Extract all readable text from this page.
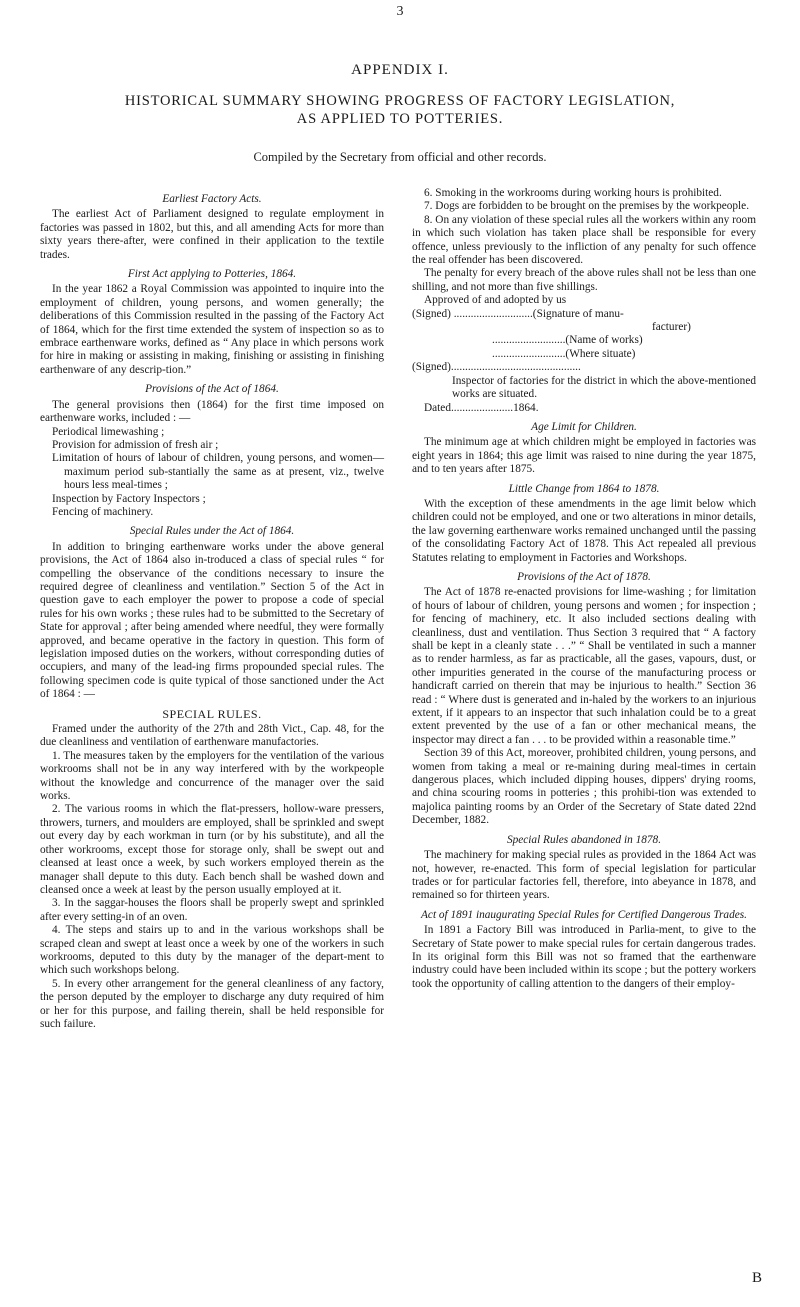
3
APPENDIX I.
HISTORICAL SUMMARY SHOWING PROGRESS OF FACTORY LEGISLATION,
AS APPLIED TO POTTERIES.
Compiled by the Secretary from official and other records.
Earliest Factory Acts.

The earliest Act of Parliament designed to regulate employment in factories was passed in 1802, but this, and all amending Acts for more than sixty years there-after, were confined in their application to the textile trades.

First Act applying to Potteries, 1864.

In the year 1862 a Royal Commission was appointed to inquire into the employment of children, young persons, and women generally; the deliberations of this Commission resulted in the passing of the Factory Act of 1864, which for the first time extended the system of inspection so as to embrace earthenware works, defined as “ Any place in which persons work for hire in making or assisting in making, finishing or assisting in finishing earthenware of any descrip-tion.”

Provisions of the Act of 1864.

The general provisions then (1864) for the first time imposed on earthenware works, included : —

Periodical limewashing ;
Provision for admission of fresh air ;
Limitation of hours of labour of children, young persons, and women—maximum period sub-stantially the same as at present, viz., twelve hours less meal-times ;
Inspection by Factory Inspectors ;
Fencing of machinery.
Special Rules under the Act of 1864.

In addition to bringing earthenware works under the above general provisions, the Act of 1864 also in-troduced a class of special rules “ for compelling the observance of the conditions necessary to insure the required degree of cleanliness and ventilation.” Section 5 of the Act in question gave to each employer the power to propose a code of special rules for his own works ; these rules had to be submitted to the Secretary of State for approval ; after being amended where needful, they were formally approved, and became operative in the factory in question. This form of legislation imposed duties on the workers, without corresponding duties of occupiers, and many of the lead-ing firms propounded special rules. The following specimen code is quite typical of those sanctioned under the Act of 1864 : —

SPECIAL RULES.

Framed under the authority of the 27th and 28th Vict., Cap. 48, for the due cleanliness and ventilation of earthenware manufactories.

1. The measures taken by the employers for the ventilation of the various workrooms shall not be in any way interfered with by the workpeople without the knowledge and concurrence of the manager over the said works.

2. The various rooms in which the flat-pressers, hollow-ware pressers, throwers, turners, and moulders are employed, shall be sprinkled and swept out every day by each workman in turn (or by his substitute), and all the other workrooms, except those for storage only, shall be swept out and cleansed at least once a week, by such workers employed therein as the manager shall depute to this duty. Each bench shall be washed down and cleansed once a week at least by the person usually employed at it.

3. In the saggar-houses the floors shall be properly swept and sprinkled after every setting-in of an oven.

4. The steps and stairs up to and in the various workshops shall be scraped clean and swept at least once a week by one of the workers in such workrooms, deputed to this duty by the manager of the depart-ment to which such workshops belong.

5. In every other arrangement for the general cleanliness of any factory, the person deputed by the employer to discharge any duty required of him or her for this purpose, and failing therein, shall be held responsible for such failure.

6. Smoking in the workrooms during working hours is prohibited.

7. Dogs are forbidden to be brought on the premises by the workpeople.

8. On any violation of these special rules all the workers within any room in which such violation has taken place shall be responsible for every offence, unless previously to the infliction of any penalty for such offence the real offender has been discovered.

The penalty for every breach of the above rules shall not be less than one shilling, and not more than five shillings.

Approved of and adopted by us

(Signed) ............................(Signature of manu-
facturer)
..........................(Name of works)
..........................(Where situate)
(Signed)..............................................
Inspector of factories for the district in which the above-mentioned works are situated.
Dated......................1864.
Age Limit for Children.

The minimum age at which children might be employed in factories was eight years in 1864; this age limit was raised to nine during the year 1875, and to ten years after 1875.

Little Change from 1864 to 1878.

With the exception of these amendments in the age limit below which children could not be employed, and one or two alterations in minor details, the law governing earthenware works remained unchanged until the passing of the consolidating Factory Act of 1878. This Act repealed all previous Statutes relating to employment in Factories and Workshops.

Provisions of the Act of 1878.

The Act of 1878 re-enacted provisions for lime-washing ; for limitation of hours of labour of children, young persons and women ; for inspection ; for fencing of machinery, etc. It also included sections dealing with cleanliness, dust and ventilation. Thus Section 3 required that “ A factory shall be kept in a cleanly state . . .” “ Shall be ventilated in such a manner as to render harmless, as far as practicable, all the gases, vapours, dust, or other impurities generated in the course of the manufacturing process or handicraft carried on therein that may be injurious to health.” Section 36 read : “ Where dust is generated and in-haled by the workers to an injurious extent, if it appears to an inspector that such inhalation could be to a great extent prevented by the use of a fan or other mechanical means, the inspector may direct a fan . . . to be provided within a reasonable time.”

Section 39 of this Act, moreover, prohibited children, young persons, and women from taking a meal or re-maining during meal-times in certain dangerous places, which included dipping houses, dippers' drying rooms, and china scouring rooms in potteries ; this prohibi-tion was extended to majolica painting rooms by an Order of the Secretary of State dated 22nd December, 1882.

Special Rules abandoned in 1878.

The machinery for making special rules as provided in the 1864 Act was not, however, re-enacted. This form of special legislation for particular trades or for particular factories fell, therefore, into abeyance in 1878, and remained so for thirteen years.

Act of 1891 inaugurating Special Rules for Certified Dangerous Trades.

In 1891 a Factory Bill was introduced in Parlia-ment, to give to the Secretary of State power to make special rules for certain dangerous trades. In its original form this Bill was not so framed that the earthenware industry could have been included within its scope ; but the pottery workers took the opportunity of calling attention to the dangers of their employ-

B
